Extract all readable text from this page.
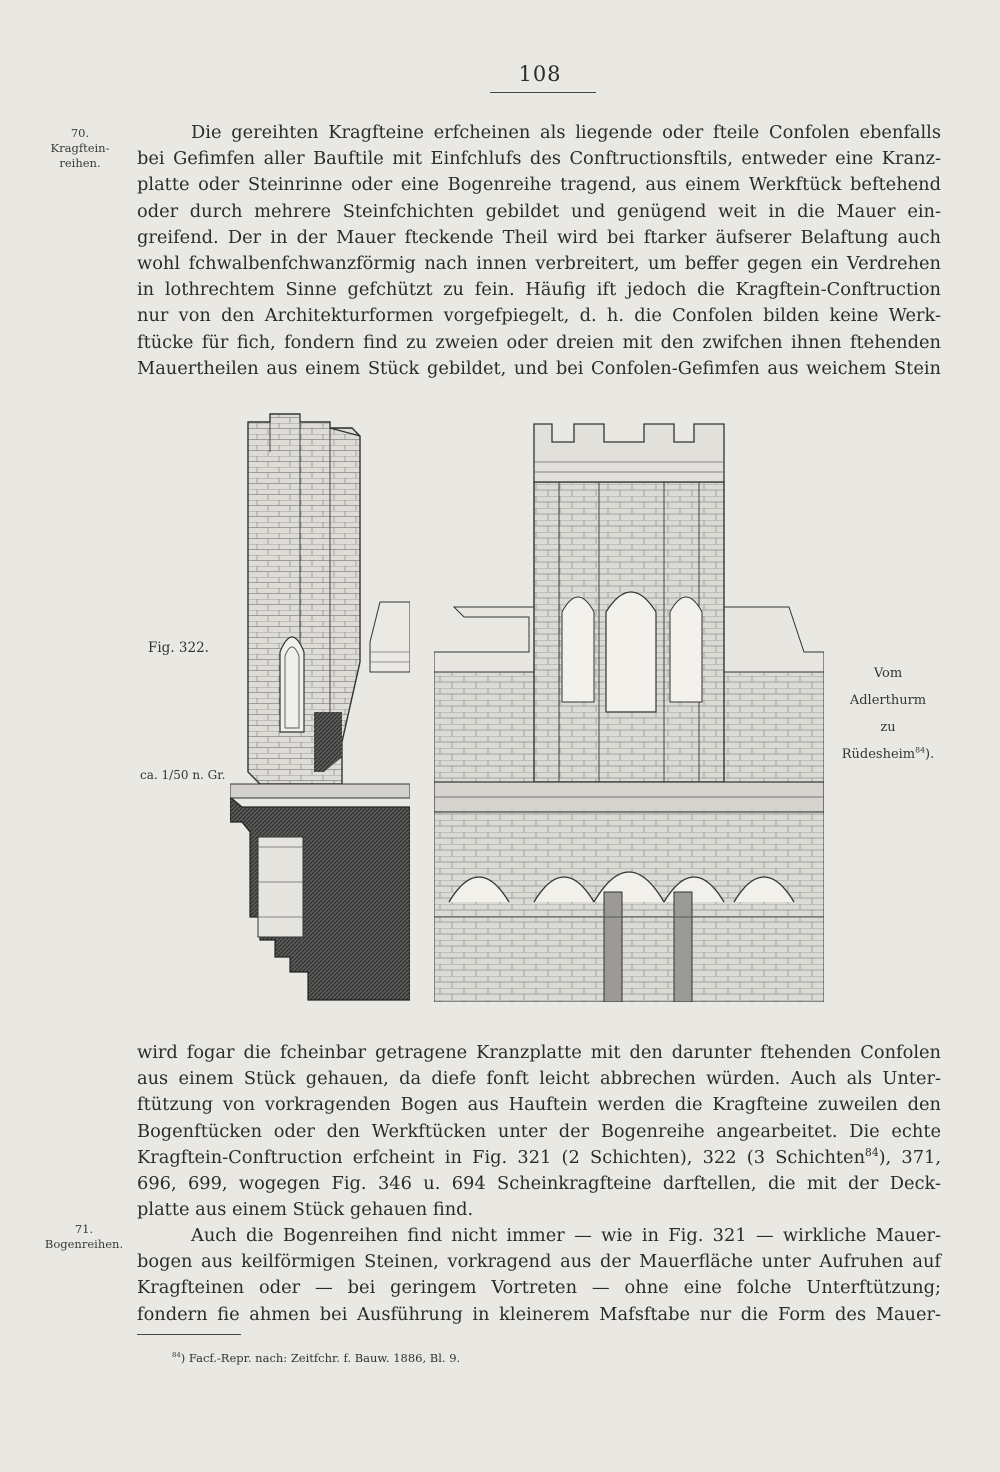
108
70.
Kragftein-
reihen.
Die gereihten Kragfteine erfcheinen als liegende oder fteile Confolen ebenfalls
bei Gefimfen aller Bauftile mit Einfchlufs des Conftructionsftils, entweder eine Kranz-
platte oder Steinrinne oder eine Bogenreihe tragend, aus einem Werkftück beftehend
oder durch mehrere Steinfchichten gebildet und genügend weit in die Mauer ein-
greifend. Der in der Mauer fteckende Theil wird bei ftarker äufserer Belaftung auch
wohl fchwalbenfchwanzförmig nach innen verbreitert, um beffer gegen ein Verdrehen
in lothrechtem Sinne gefchützt zu fein. Häufig ift jedoch die Kragftein-Conftruction
nur von den Architekturformen vorgefpiegelt, d. h. die Confolen bilden keine Werk-
ftücke für fich, fondern find zu zweien oder dreien mit den zwifchen ihnen ftehenden
Mauertheilen aus einem Stück gebildet, und bei Confolen-Gefimfen aus weichem Stein
Fig. 322.
ca. 1/50 n. Gr.
Vom
Adlerthurm
zu
Rüdesheim$^{84}$).
wird fogar die fcheinbar getragene Kranzplatte mit den darunter ftehenden Confolen
aus einem Stück gehauen, da diefe fonft leicht abbrechen würden. Auch als Unter-
ftützung von vorkragenden Bogen aus Hauftein werden die Kragfteine zuweilen den
Bogenftücken oder den Werkftücken unter der Bogenreihe angearbeitet. Die echte
Kragftein-Conftruction erfcheint in Fig. 321 (2 Schichten), 322 (3 Schichten$^{84}$), 371,
696, 699, wogegen Fig. 346 u. 694 Scheinkragfteine darftellen, die mit der Deck-
platte aus einem Stück gehauen find.
71.
Bogenreihen.	Auch die Bogenreihen find nicht immer — wie in Fig. 321 — wirkliche Mauer-
bogen aus keilförmigen Steinen, vorkragend aus der Mauerfläche unter Aufruhen auf
Kragfteinen oder — bei geringem Vortreten — ohne eine folche Unterftützung;
fondern fie ahmen bei Ausführung in kleinerem Mafsftabe nur die Form des Mauer-
$^{84}$) Facf.-Repr. nach: Zeitfchr. f. Bauw. 1886, Bl. 9.
